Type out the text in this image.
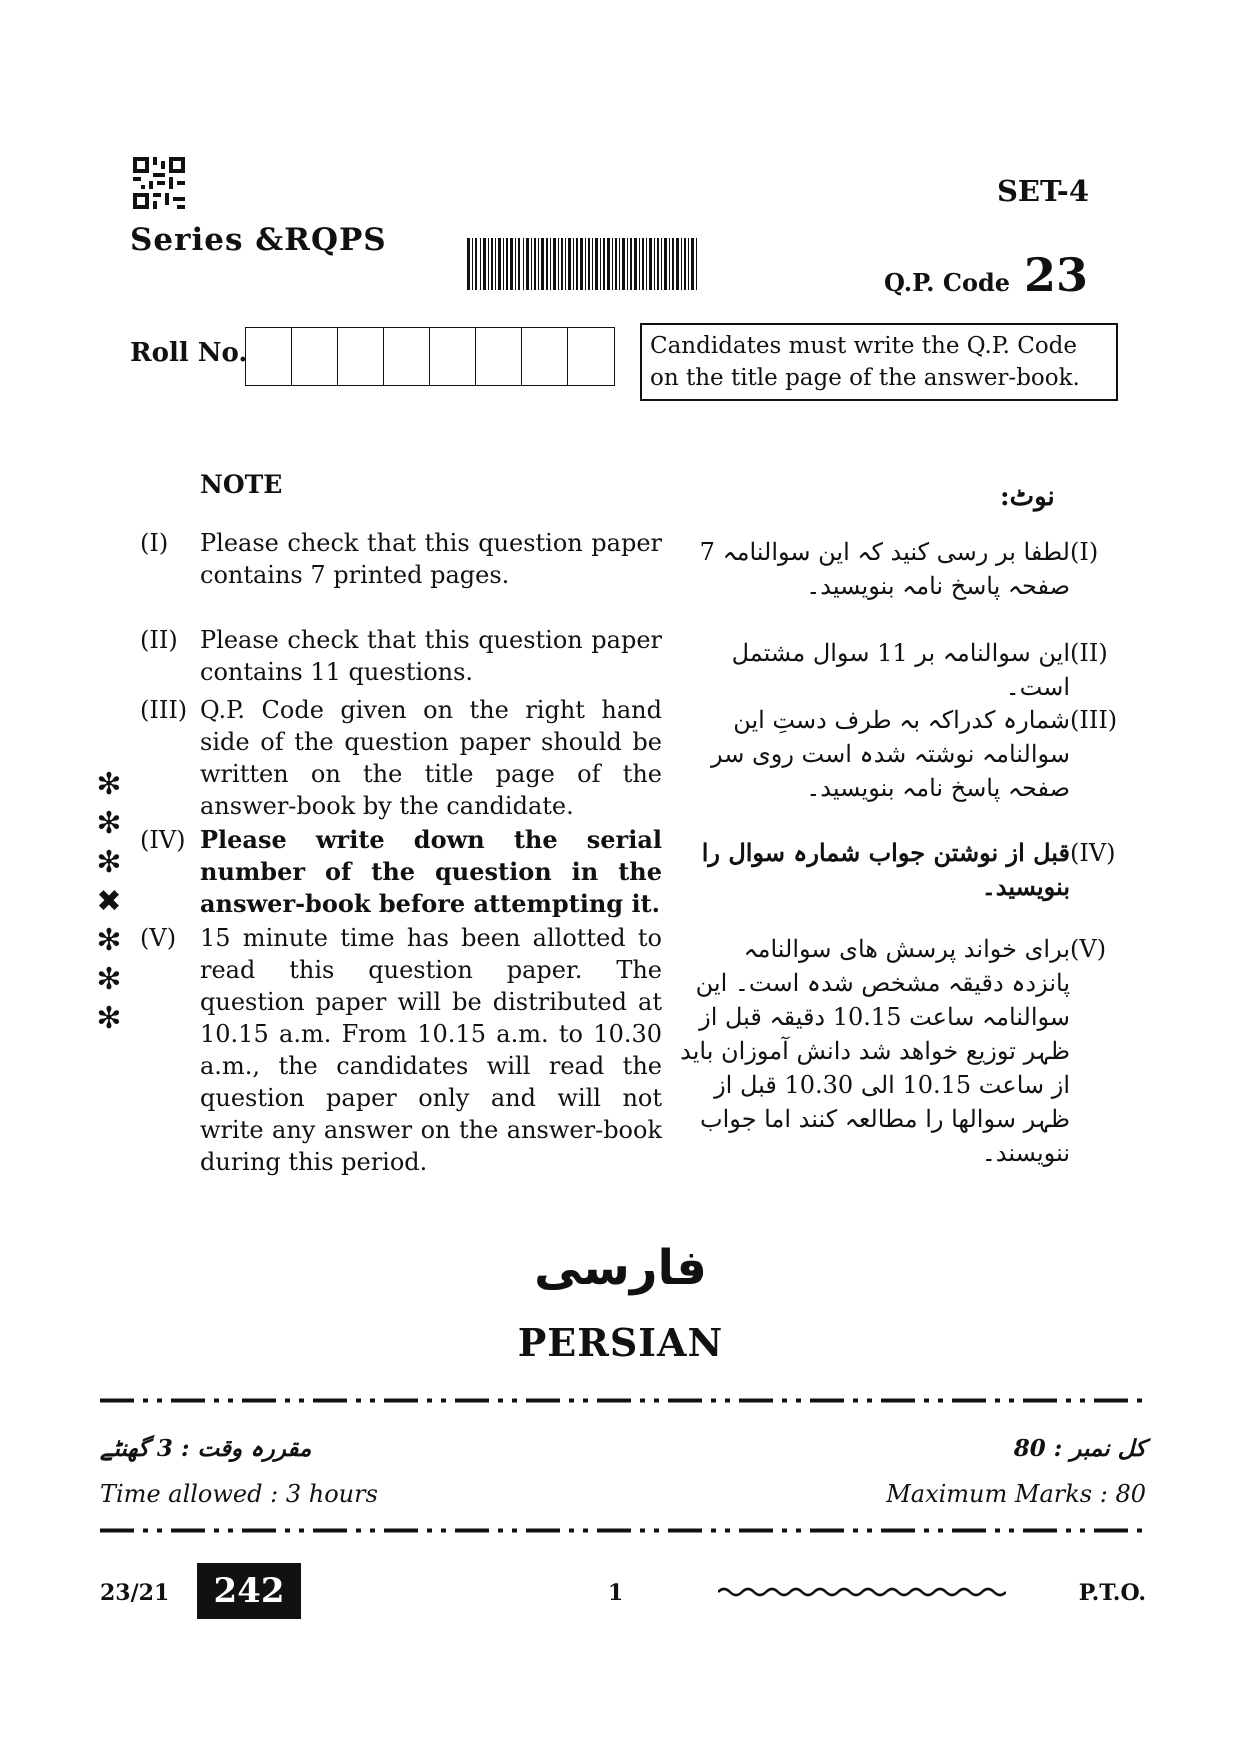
Series &RQPS
SET-4
Q.P. Code 23
Roll No.	Candidates must write the Q.P. Code on the title page of the answer-book.
NOTE	نوٹ:
(I)	Please check that this question paper contains 7 printed pages.
(II) Please check that this question paper contains 11 questions.
(III) Q.P. Code given on the right hand side of the question paper should be written on the title page of the answer-book by the candidate.
(IV) Please write down the serial number of the question in the answer-book before attempting it.
(V) 15 minute time has been allotted to read this question paper. The question paper will be distributed at 10.15 a.m. From 10.15 a.m. to 10.30 a.m., the candidates will read the question paper only and will not write any answer on the answer-book during this period.
(I)
لطفا بر رسی کنید کہ این سوالنامہ 7 صفحہ پاسخ نامہ بنویسید۔
(II)
این سوالنامہ بر 11 سوال مشتمل است۔
(III)
شمارہ کدراکہ بہ طرف دستِ این سوالنامہ نوشتہ شدہ است روی سر صفحہ پاسخ نامہ بنویسید۔
(IV)
قبل از نوشتن جواب شمارہ سوال را بنویسید۔
(V)
برای خواند پرسش ھای سوالنامہ پانزدہ دقیقہ مشخص شدہ است۔ این سوالنامہ ساعت 10.15 دقیقہ قبل از ظہر توزیع خواھد شد دانش آموزان باید از ساعت 10.15 الی 10.30 قبل از ظہر سوالھا را مطالعہ کنند اما جواب ننویسند۔
✻
✻
✻
✖
✻
✻
✻
فارسی
PERSIAN
مقررہ وقت : 3 گھنٹے	کل نمبر : 80
Time allowed : 3 hours	Maximum Marks : 80
23/21	242	1	P.T.O.
